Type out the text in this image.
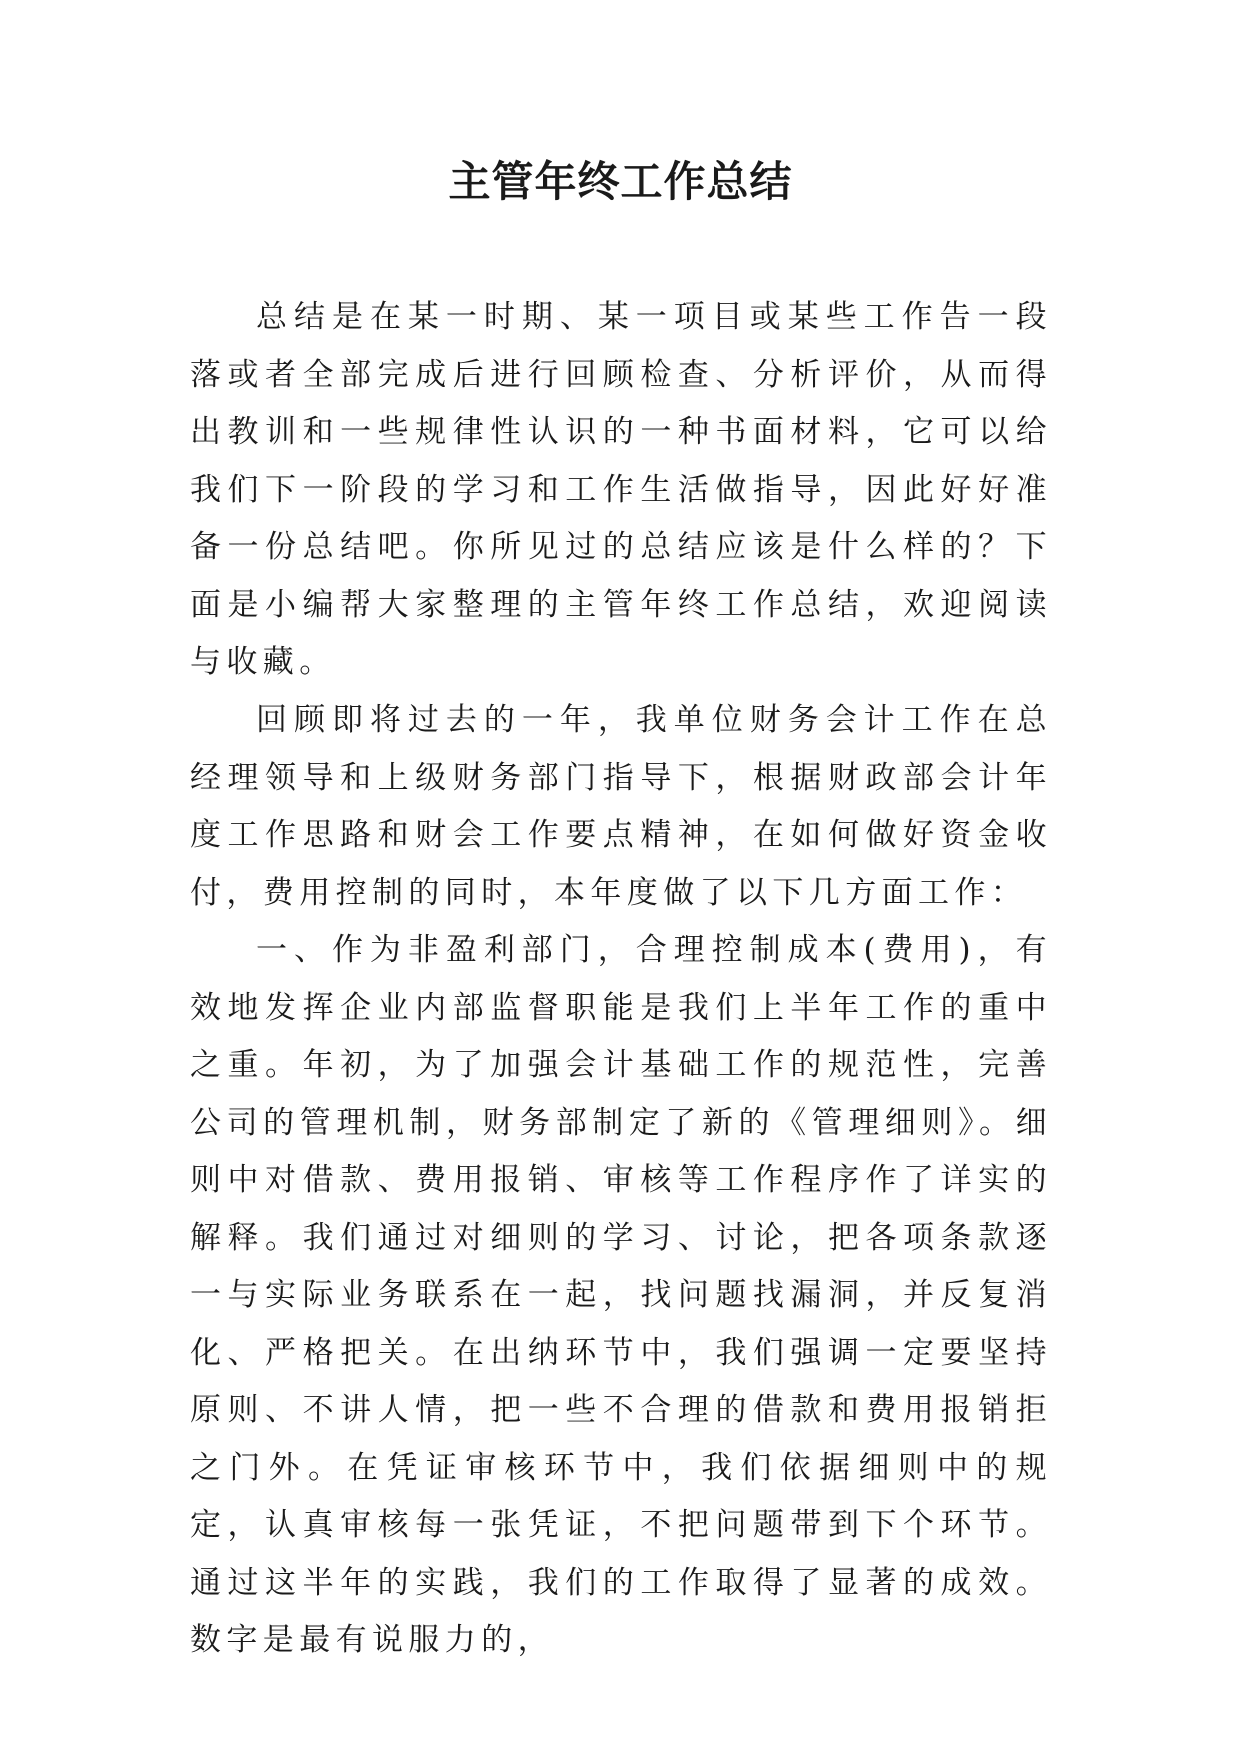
主管年终工作总结

总结是在某一时期、某一项目或某些工作告一段落或者全部完成后进行回顾检查、分析评价，从而得出教训和一些规律性认识的一种书面材料，它可以给我们下一阶段的学习和工作生活做指导，因此好好准备一份总结吧。你所见过的总结应该是什么样的？下面是小编帮大家整理的主管年终工作总结，欢迎阅读与收藏。

回顾即将过去的一年，我单位财务会计工作在总经理领导和上级财务部门指导下，根据财政部会计年度工作思路和财会工作要点精神，在如何做好资金收付，费用控制的同时，本年度做了以下几方面工作：

一、作为非盈利部门，合理控制成本(费用)，有效地发挥企业内部监督职能是我们上半年工作的重中之重。年初，为了加强会计基础工作的规范性，完善公司的管理机制，财务部制定了新的《管理细则》。细则中对借款、费用报销、审核等工作程序作了详实的解释。我们通过对细则的学习、讨论，把各项条款逐一与实际业务联系在一起，找问题找漏洞，并反复消化、严格把关。在出纳环节中，我们强调一定要坚持原则、不讲人情，把一些不合理的借款和费用报销拒之门外。在凭证审核环节中，我们依据细则中的规定，认真审核每一张凭证，不把问题带到下个环节。通过这半年的实践，我们的工作取得了显著的成效。数字是最有说服力的，
